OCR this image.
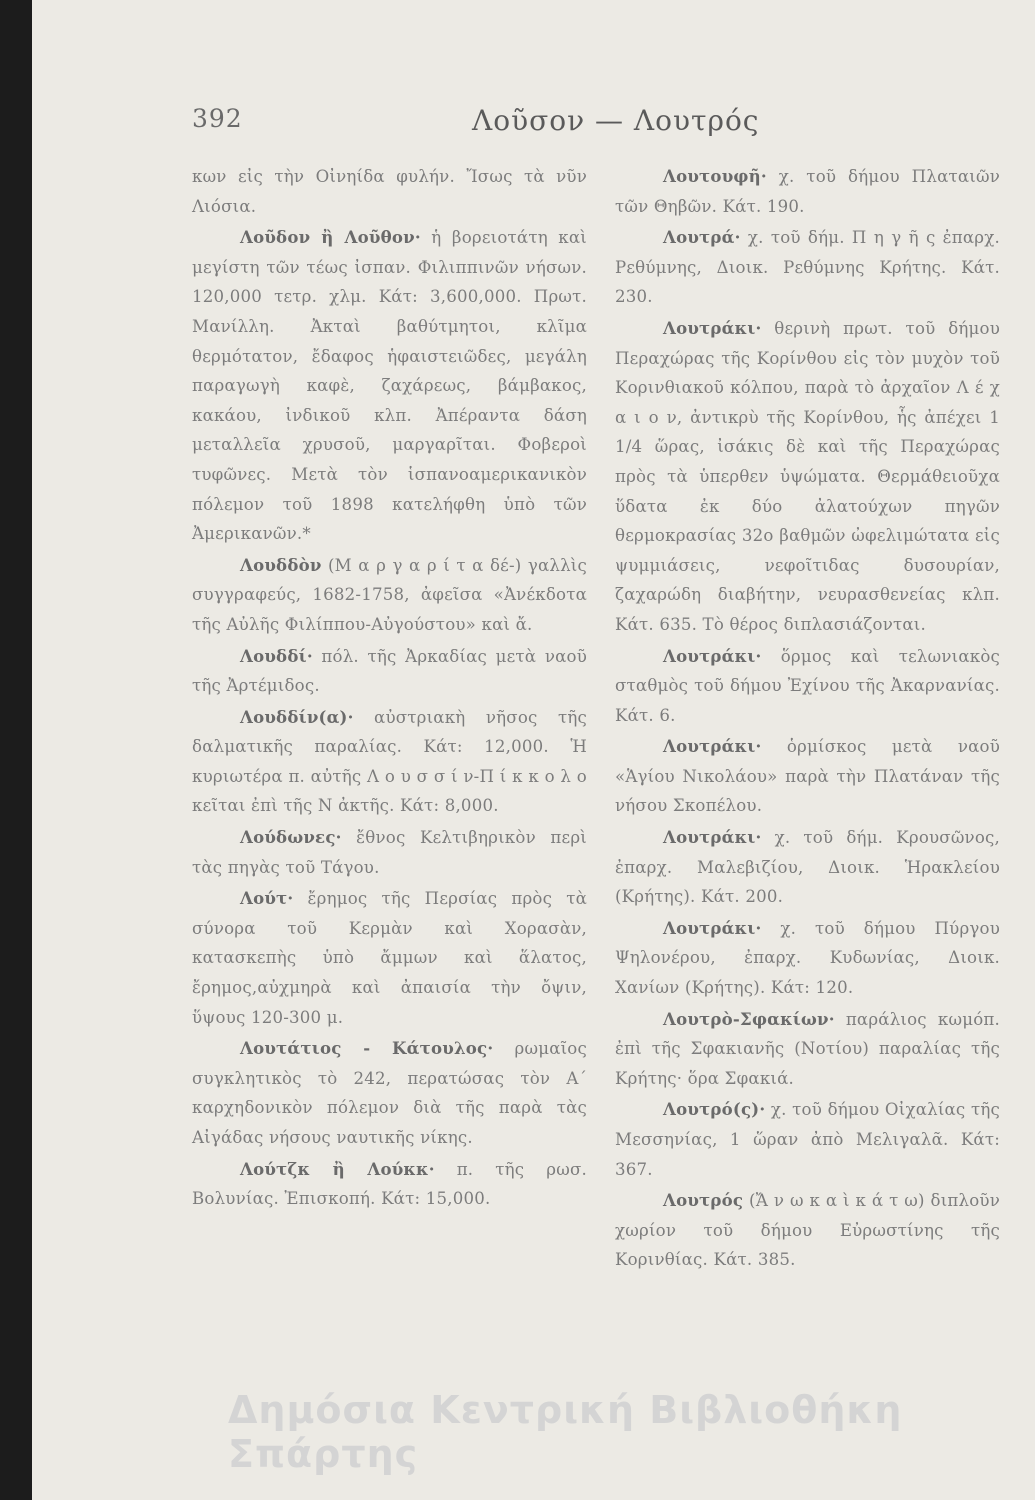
392	Λοῦσον — Λουτρός

κων εἰς τὴν Οἰνηίδα φυλήν. Ἴσως τὰ νῦν Λιόσια.

Λοῦδον ἢ Λοῦθον· ἡ βορειοτάτη καὶ μεγίστη τῶν τέως ἰσπαν. Φιλιππινῶν νήσων. 120,000 τετρ. χλμ. Κάτ: 3,600,000. Πρωτ. Μανίλλη. Ἀκταὶ βαθύτμητοι, κλῖμα θερμότατον, ἔδαφος ἡφαιστειῶδες, μεγάλη παραγωγὴ καφὲ, ζαχάρεως, βάμβακος, κακάου, ἰνδικοῦ κλπ. Ἀπέραντα δάση μεταλλεῖα χρυσοῦ, μαργαρῖται. Φοβεροὶ τυφῶνες. Μετὰ τὸν ἱσπανοαμερικανικὸν πόλεμον τοῦ 1898 κατελήφθη ὑπὸ τῶν Ἀμερικανῶν.*

Λουδδὸν (Μ α ρ γ α ρ ί τ α δέ-) γαλλὶς συγγραφεύς, 1682-1758, ἀφεῖσα «Ἀνέκδοτα τῆς Αὐλῆς Φιλίππου-Αὐγούστου» καὶ ἄ.

Λουδδί· πόλ. τῆς Ἀρκαδίας μετὰ ναοῦ τῆς Ἀρτέμιδος.

Λουδδίν(α)· αὐστριακὴ νῆσος τῆς δαλματικῆς παραλίας. Κάτ: 12,000. Ἡ κυριωτέρα π. αὐτῆς Λ ο υ σ σ ί ν-Π ί κ κ ο λ ο κεῖται ἐπὶ τῆς Ν ἀκτῆς. Κάτ: 8,000.

Λούδωνες· ἔθνος Κελτιβηρικὸν περὶ τὰς πηγὰς τοῦ Τάγου.

Λούτ· ἔρημος τῆς Περσίας πρὸς τὰ σύνορα τοῦ Κερμὰν καὶ Χορασὰν, κατασκεπὴς ὑπὸ ἄμμων καὶ ἅλατος, ἔρημος,αὐχμηρὰ καὶ ἀπαισία τὴν ὄψιν, ὕψους 120-300 μ.

Λουτάτιος - Κάτουλος· ρωμαῖος συγκλητικὸς τὸ 242, περατώσας τὸν Α΄ καρχηδονικὸν πόλεμον διὰ τῆς παρὰ τὰς Αἰγάδας νήσους ναυτικῆς νίκης.

Λούτζκ ἢ Λούκκ· π. τῆς ρωσ. Βολυνίας. Ἐπισκοπή. Κάτ: 15,000.

Λουτουφῆ· χ. τοῦ δήμου Πλαταιῶν τῶν Θηβῶν. Κάτ. 190.

Λουτρά· χ. τοῦ δήμ. Π η γ ῆ ς ἐπαρχ. Ρεθύμνης, Διοικ. Ρεθύμνης Κρήτης. Κάτ. 230.

Λουτράκι· θερινὴ πρωτ. τοῦ δήμου Περαχώρας τῆς Κορίνθου εἰς τὸν μυχὸν τοῦ Κορινθιακοῦ κόλπου, παρὰ τὸ ἀρχαῖον Λ έ χ α ι ο ν, ἀντικρὺ τῆς Κορίνθου, ἧς ἀπέχει 1 1/4 ὥρας, ἰσάκις δὲ καὶ τῆς Περαχώρας πρὸς τὰ ὑπερθεν ὑψώματα. Θερμάθειοῦχα ὕδατα ἐκ δύο ἀλατούχων πηγῶν θερμοκρασίας 32ο βαθμῶν ὠφελιμώτατα εἰς ψυμμιάσεις, νεφοῖτιδας δυσουρίαν, ζαχαρώδη διαβήτην, νευρασθενείας κλπ. Κάτ. 635. Τὸ θέρος διπλασιάζονται.

Λουτράκι· ὅρμος καὶ τελωνιακὸς σταθμὸς τοῦ δήμου Ἐχίνου τῆς Ἀκαρνανίας. Κάτ. 6.

Λουτράκι· ὁρμίσκος μετὰ ναοῦ «Ἁγίου Νικολάου» παρὰ τὴν Πλατάναν τῆς νήσου Σκοπέλου.

Λουτράκι· χ. τοῦ δήμ. Κρουσῶνος, ἐπαρχ. Μαλεβιζίου, Διοικ. Ἡρακλείου (Κρήτης). Κάτ. 200.

Λουτράκι· χ. τοῦ δήμου Πύργου Ψηλονέρου, ἐπαρχ. Κυδωνίας, Διοικ. Χανίων (Κρήτης). Κάτ: 120.

Λουτρὸ-Σφακίων· παράλιος κωμόπ. ἐπὶ τῆς Σφακιανῆς (Νοτίου) παραλίας τῆς Κρήτης· ὅρα Σφακιά.

Λουτρό(ς)· χ. τοῦ δήμου Οἰχαλίας τῆς Μεσσηνίας, 1 ὥραν ἀπὸ Μελιγαλᾶ. Κάτ: 367.

Λουτρός (Ἄ ν ω κ α ὶ κ ά τ ω) διπλοῦν χωρίον τοῦ δήμου Εὐρωστίνης τῆς Κορινθίας. Κάτ. 385.

Δημόσια Κεντρική Βιβλιοθήκη Σπάρτης
